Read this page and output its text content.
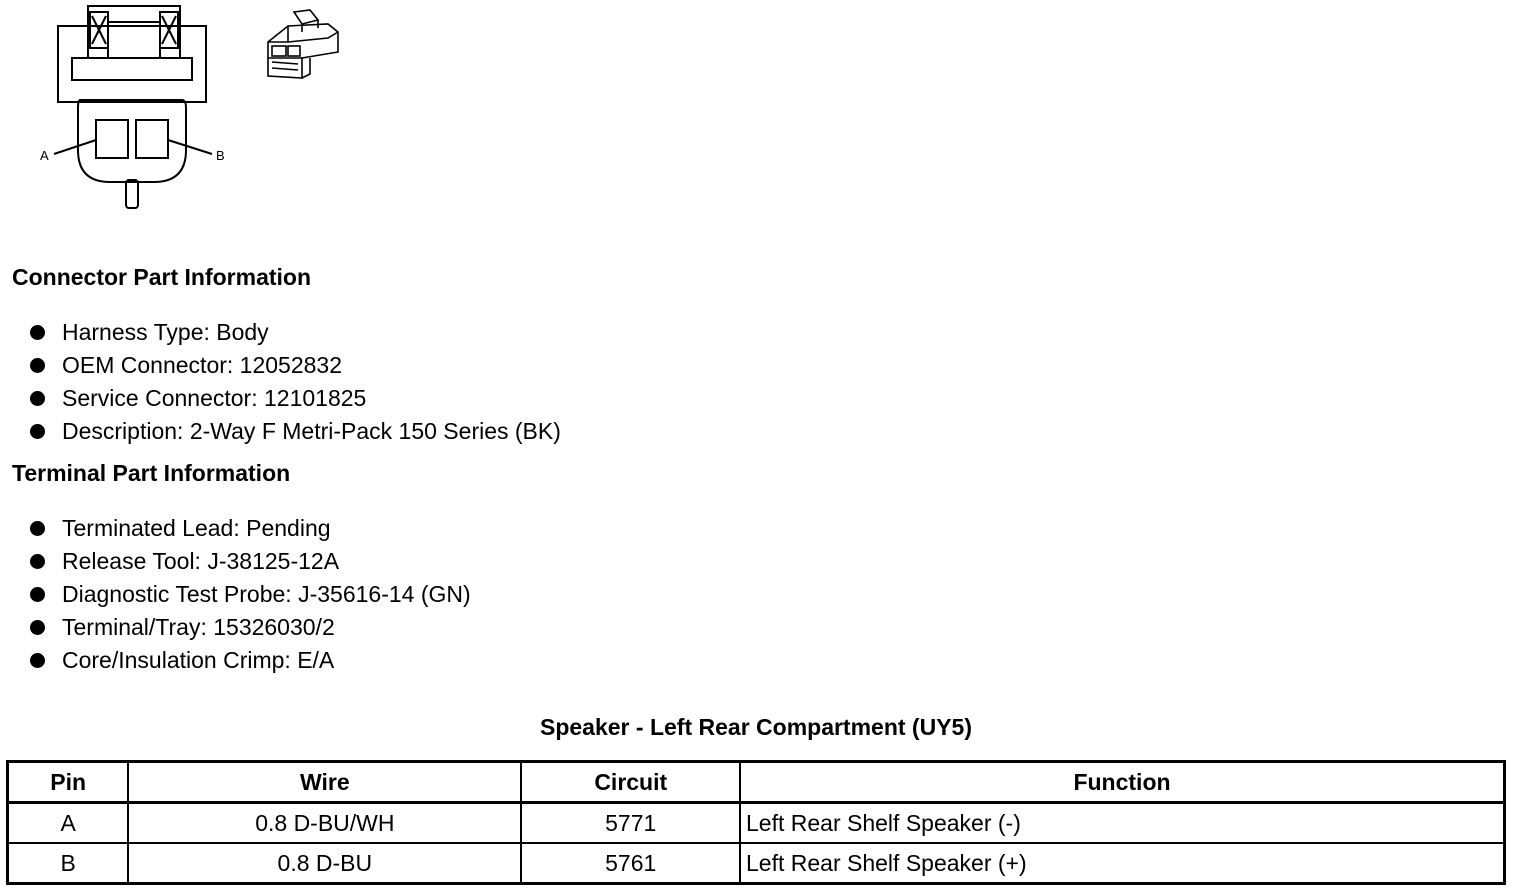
A	B
Connector Part Information
Harness Type: Body
OEM Connector: 12052832
Service Connector: 12101825
Description: 2-Way F Metri-Pack 150 Series (BK)
Terminal Part Information
Terminated Lead: Pending
Release Tool: J-38125-12A
Diagnostic Test Probe: J-35616-14 (GN)
Terminal/Tray: 15326030/2
Core/Insulation Crimp: E/A
Speaker - Left Rear Compartment (UY5)
Pin	Wire	Circuit	Function
A	0.8 D-BU/WH	5771	Left Rear Shelf Speaker (-)
B	0.8 D-BU	5761	Left Rear Shelf Speaker (+)
